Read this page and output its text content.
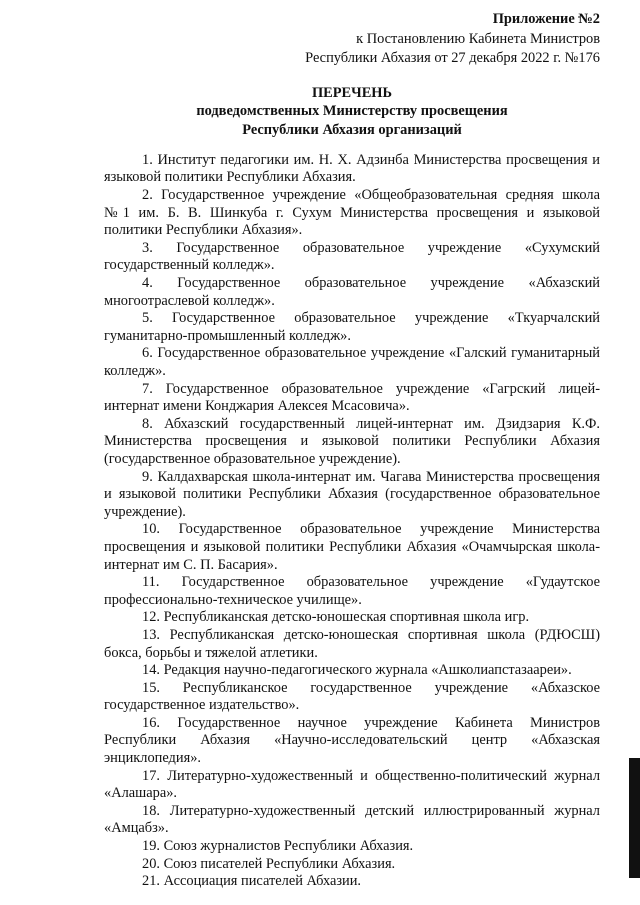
Приложение №2
к Постановлению Кабинета Министров
Республики Абхазия от 27 декабря 2022 г. №176
ПЕРЕЧЕНЬ
подведомственных Министерству просвещения
Республики Абхазия организаций

1. Институт педагогики им. Н. Х. Адзинба Министерства просвещения и языковой политики Республики Абхазия.

2. Государственное учреждение «Общеобразовательная средняя школа №1 им. Б. В. Шинкуба г. Сухум Министерства просвещения и языковой политики Республики Абхазия».

3. Государственное образовательное учреждение «Сухумский государственный колледж».

4. Государственное образовательное учреждение «Абхазский многоотраслевой колледж».

5. Государственное образовательное учреждение «Ткуарчалский гуманитарно-промышленный колледж».

6. Государственное образовательное учреждение «Галский гуманитарный колледж».

7. Государственное образовательное учреждение «Гагрский лицей-интернат имени Конджария Алексея Мсасовича».

8. Абхазский государственный лицей-интернат им. Дзидзария К.Ф. Министерства просвещения и языковой политики Республики Абхазия (государственное образовательное учреждение).

9. Калдахварская школа-интернат им. Чагава Министерства просвещения и языковой политики Республики Абхазия (государственное образовательное учреждение).

10. Государственное образовательное учреждение Министерства просвещения и языковой политики Республики Абхазия «Очамчырская школа-интернат им С. П. Басария».

11. Государственное образовательное учреждение «Гудаутское профессионально-техническое училище».

12. Республиканская детско-юношеская спортивная школа игр.

13. Республиканская детско-юношеская спортивная школа (РДЮСШ) бокса, борьбы и тяжелой атлетики.

14. Редакция научно-педагогического журнала «Ашколиапстазаареи».

15. Республиканское государственное учреждение «Абхазское государственное издательство».

16. Государственное научное учреждение Кабинета Министров Республики Абхазия «Научно-исследовательский центр «Абхазская энциклопедия».

17. Литературно-художественный и общественно-политический журнал «Алашара».

18. Литературно-художественный детский иллюстрированный журнал «Амцабз».

19. Союз журналистов Республики Абхазия.

20. Союз писателей Республики Абхазия.

21. Ассоциация писателей Абхазии.
